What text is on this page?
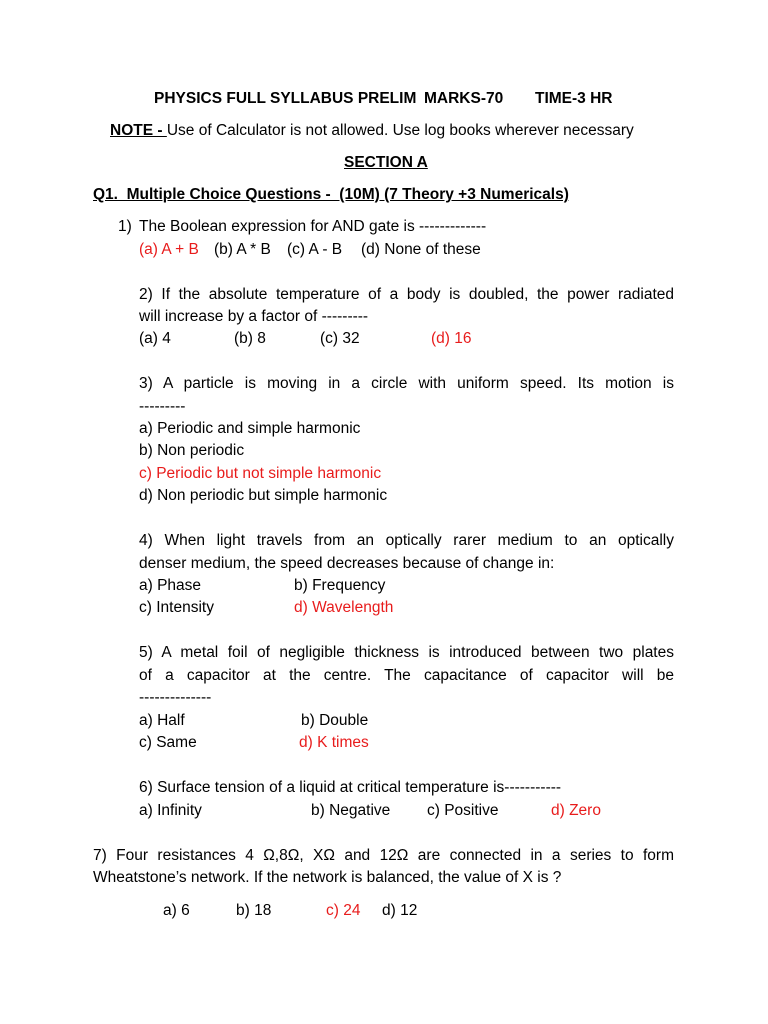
PHYSICS FULL SYLLABUS PRELIM MARKS-70 TIME-3 HR
NOTE - Use of Calculator is not allowed. Use log books wherever necessary
SECTION A
Q1.  Multiple Choice Questions -  (10M) (7 Theory +3 Numericals)
1) The Boolean expression for AND gate is -------------
(a) A + B (b) A * B (c) A - B (d) None of these
2) If the absolute temperature of a body is doubled, the power radiated
will increase by a factor of ---------
(a) 4	(b) 8	(c) 32	(d) 16
3) A particle is moving in a circle with uniform speed. Its motion is
---------
a) Periodic and simple harmonic
b) Non periodic
c) Periodic but not simple harmonic
d) Non periodic but simple harmonic
4) When light travels from an optically rarer medium to an optically
denser medium, the speed decreases because of change in:
a) Phase	b) Frequency
c) Intensity	d) Wavelength
5) A metal foil of negligible thickness is introduced between two plates
of a capacitor at the centre. The capacitance of capacitor will be
--------------
a) Half	b) Double
c) Same	d) K times
6) Surface tension of a liquid at critical temperature is-----------
a) Infinity	b) Negative c) Positive	d) Zero
7) Four resistances 4 Ω,8Ω, XΩ and 12Ω are connected in a series to form
Wheatstone’s network. If the network is balanced, the value of X is ?
a) 6	b) 18	c) 24 d) 12
